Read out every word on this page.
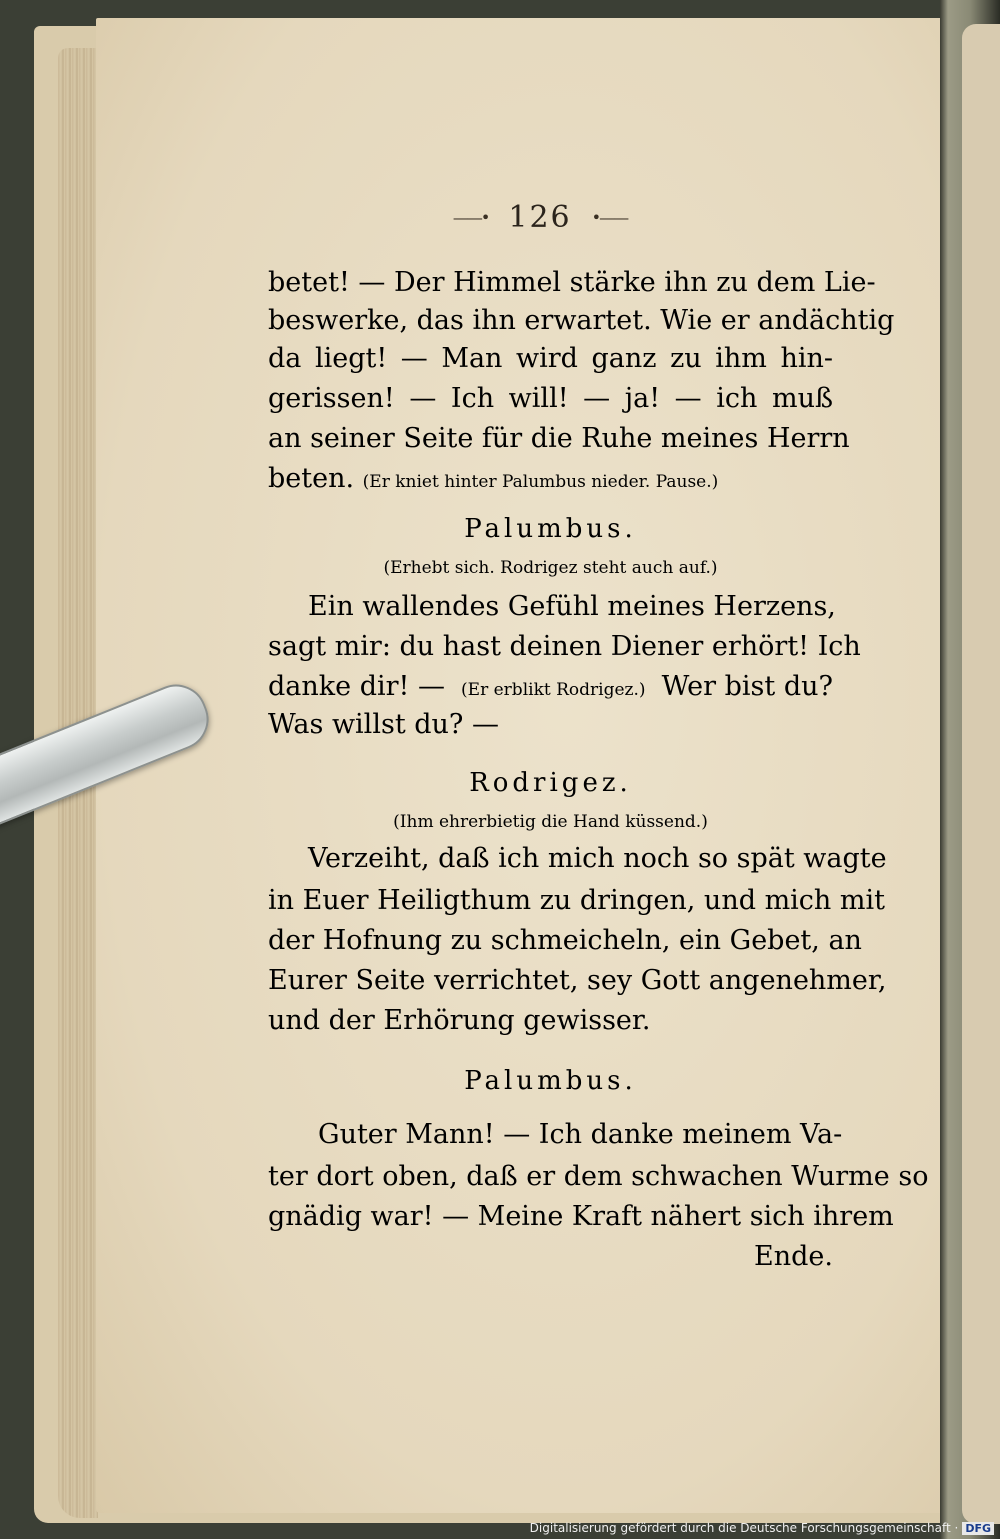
——• 126 •——
betet! — Der Himmel stärke ihn zu dem Lie-
beswerke, das ihn erwartet. Wie er andächtig
da liegt! — Man wird ganz zu ihm hin-
gerissen! — Ich will! — ja! — ich muß
an seiner Seite für die Ruhe meines Herrn
beten. (Er kniet hinter Palumbus nieder. Pause.)
Palumbus.
(Erhebt sich. Rodrigez steht auch auf.)
Ein wallendes Gefühl meines Herzens,
sagt mir: du hast deinen Diener erhört! Ich
danke dir! — (Er erblikt Rodrigez.) Wer bist du?
Was willst du? —
Rodrigez.
(Ihm ehrerbietig die Hand küssend.)
Verzeiht, daß ich mich noch so spät wagte
in Euer Heiligthum zu dringen, und mich mit
der Hofnung zu schmeicheln, ein Gebet, an
Eurer Seite verrichtet, sey Gott angenehmer,
und der Erhörung gewisser.
Palumbus.
Guter Mann! — Ich danke meinem Va-
ter dort oben, daß er dem schwachen Wurme so
gnädig war! — Meine Kraft nähert sich ihrem
Ende.
Digitalisierung gefördert durch die Deutsche Forschungsgemeinschaft · DFG
